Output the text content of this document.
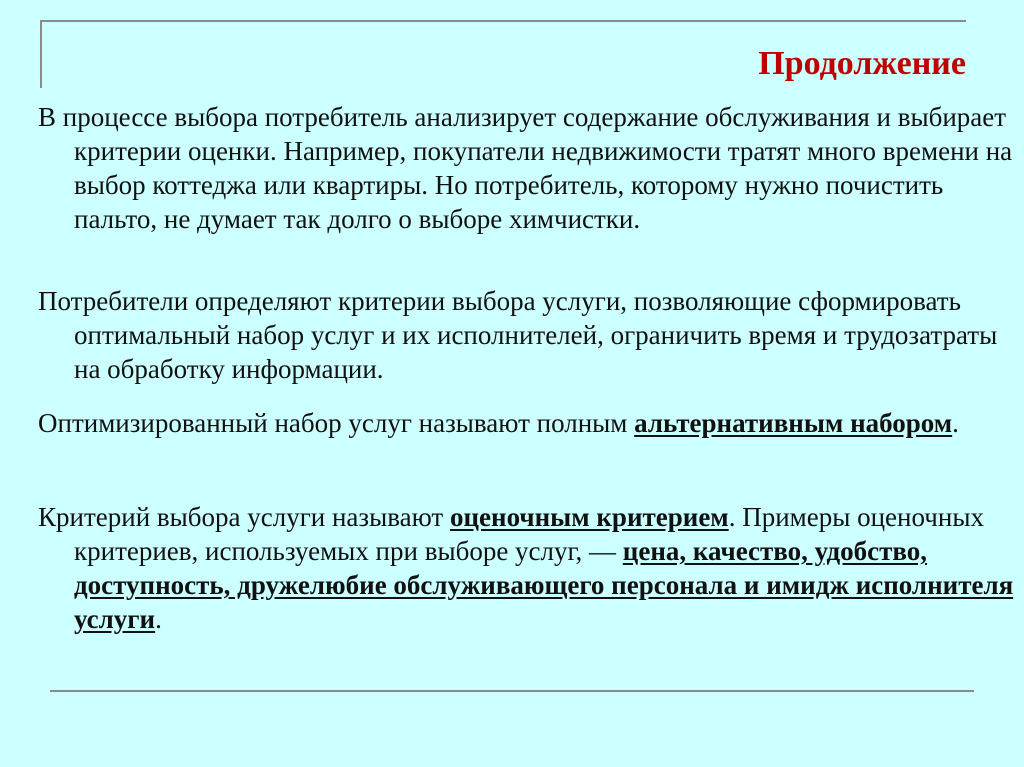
Продолжение

В процессе выбора потребитель анализирует содержание обслуживания и выбирает критерии оценки. Например, покупатели недвижимости тратят много времени на выбор коттеджа или квартиры. Но потребитель, которому нужно почистить пальто, не думает так долго о выборе химчистки.

Потребители определяют критерии выбора услуги, позволяющие сформировать оптимальный набор услуг и их исполнителей, ограничить время и трудозатраты на обработку информации.

Оптимизированный набор услуг называют полным альтернативным набором.

Критерий выбора услуги называют оценочным критерием. Примеры оценочных критериев, используемых при выборе услуг, — цена, качество, удобство, доступность, дружелюбие обслуживающего персонала и имидж исполнителя услуги.
